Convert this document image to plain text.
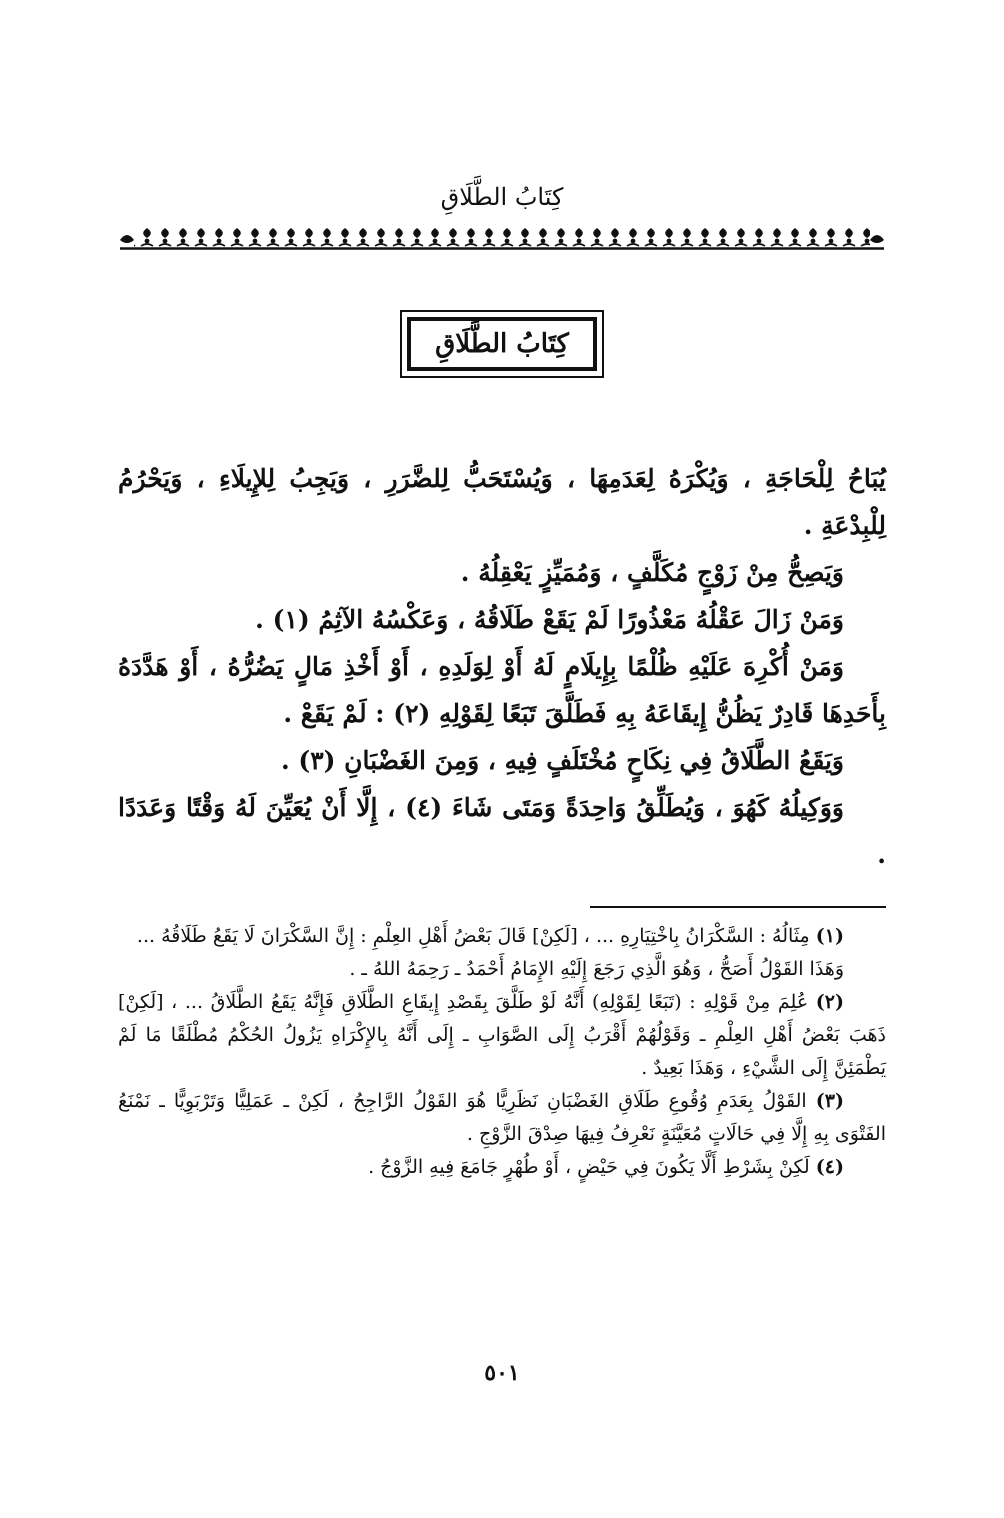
كِتَابُ الطَّلَاقِ
كِتَابُ الطَّلَاقِ

يُبَاحُ لِلْحَاجَةِ ، وَيُكْرَهُ لِعَدَمِهَا ، وَيُسْتَحَبُّ لِلضَّرَرِ ، وَيَجِبُ لِلإِيلَاءِ ، وَيَحْرُمُ لِلْبِدْعَةِ .

وَيَصِحُّ مِنْ زَوْجٍ مُكَلَّفٍ ، وَمُمَيِّزٍ يَعْقِلُهُ .

وَمَنْ زَالَ عَقْلُهُ مَعْذُورًا لَمْ يَقَعْ طَلَاقُهُ ، وَعَكْسُهُ الآثِمُ (١) .

وَمَنْ أُكْرِهَ عَلَيْهِ ظُلْمًا بِإِيلَامٍ لَهُ أَوْ لِوَلَدِهِ ، أَوْ أَخْذِ مَالٍ يَضُرُّهُ ، أَوْ هَدَّدَهُ بِأَحَدِهَا قَادِرٌ يَظُنُّ إِيقَاعَهُ بِهِ فَطَلَّقَ تَبَعًا لِقَوْلِهِ (٢) : لَمْ يَقَعْ .

وَيَقَعُ الطَّلَاقُ فِي نِكَاحٍ مُخْتَلَفٍ فِيهِ ، وَمِنَ الغَضْبَانِ (٣) .

وَوَكِيلُهُ كَهُوَ ، وَيُطَلِّقُ وَاحِدَةً وَمَتَى شَاءَ (٤) ، إِلَّا أَنْ يُعَيِّنَ لَهُ وَقْتًا وَعَدَدًا .

(١) مِثَالُهُ : السَّكْرَانُ بِاخْتِيَارِهِ ... ، [لَكِنْ] قَالَ بَعْضُ أَهْلِ العِلْمِ : إِنَّ السَّكْرَانَ لَا يَقَعُ طَلَاقُهُ ...

وَهَذَا القَوْلُ أَصَحُّ ، وَهُوَ الَّذِي رَجَعَ إِلَيْهِ الإِمَامُ أَحْمَدُ ـ رَحِمَهُ اللهُ ـ .

(٢) عُلِمَ مِنْ قَوْلِهِ : (تَبَعًا لِقَوْلِهِ) أَنَّهُ لَوْ طَلَّقَ بِقَصْدِ إِيقَاعِ الطَّلَاقِ فَإِنَّهُ يَقَعُ الطَّلَاقُ ... ، [لَكِنْ] ذَهَبَ بَعْضُ أَهْلِ العِلْمِ ـ وَقَوْلُهُمْ أَقْرَبُ إِلَى الصَّوَابِ ـ إِلَى أَنَّهُ بِالإِكْرَاهِ يَزُولُ الحُكْمُ مُطْلَقًا مَا لَمْ يَطْمَئِنَّ إِلَى الشَّيْءِ ، وَهَذَا بَعِيدٌ .

(٣) القَوْلُ بِعَدَمِ وُقُوعِ طَلَاقِ الغَضْبَانِ نَظَرِيًّا هُوَ القَوْلُ الرَّاجِحُ ، لَكِنْ ـ عَمَلِيًّا وَتَرْبَوِيًّا ـ نَمْنَعُ الفَتْوَى بِهِ إِلَّا فِي حَالَاتٍ مُعَيَّنَةٍ نَعْرِفُ فِيهَا صِدْقَ الزَّوْجِ .

(٤) لَكِنْ بِشَرْطِ أَلَّا يَكُونَ فِي حَيْضٍ ، أَوْ طُهْرٍ جَامَعَ فِيهِ الزَّوْجُ .

٥٠١
